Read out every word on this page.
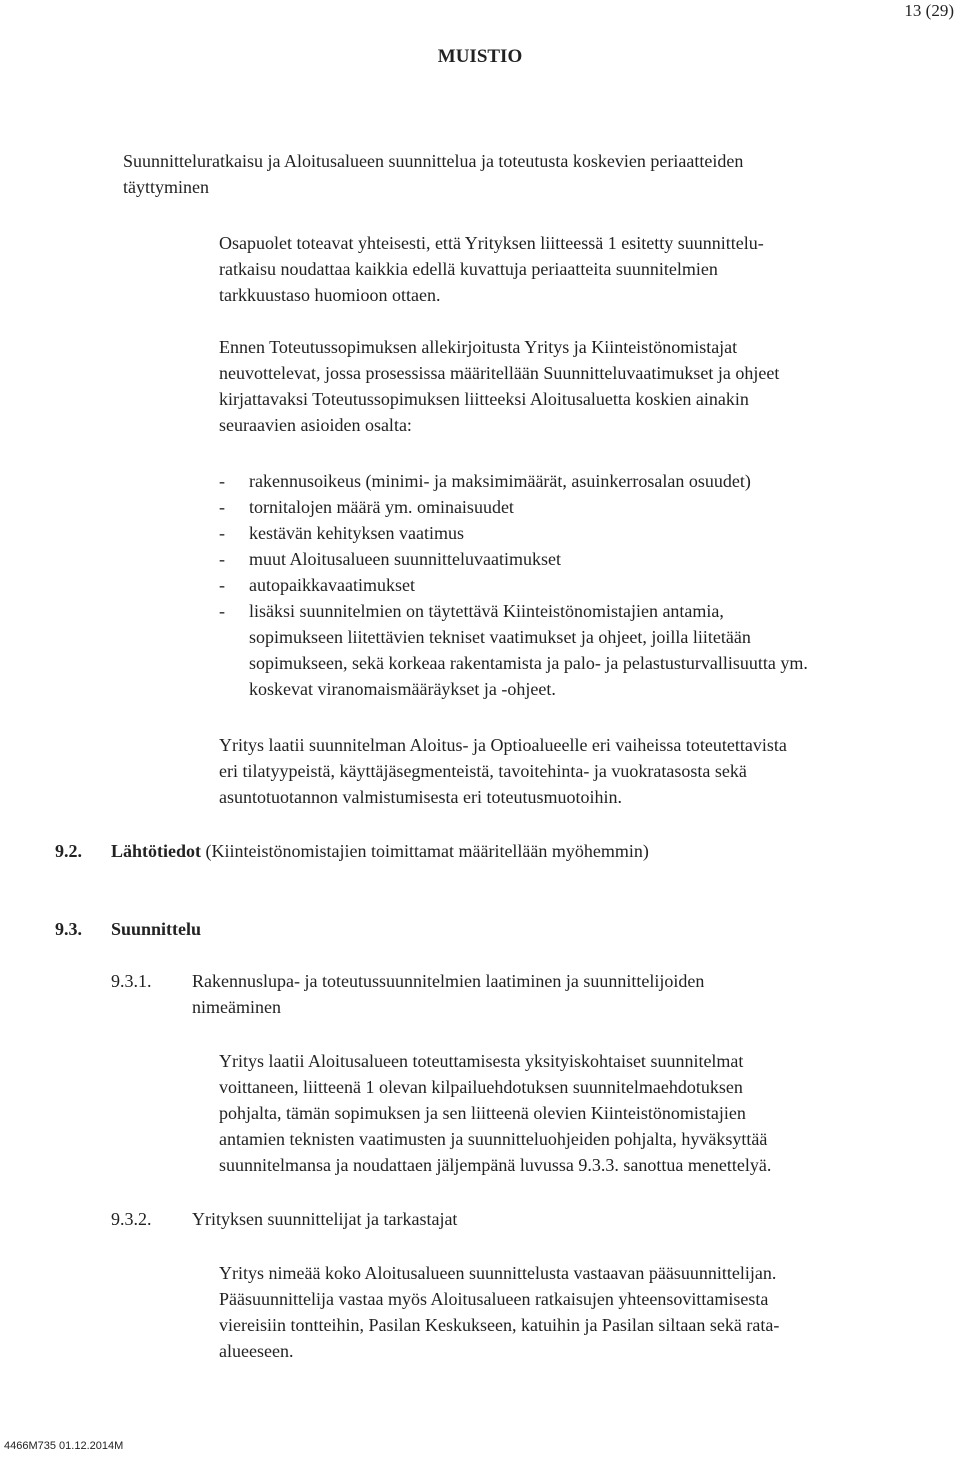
13 (29)
MUISTIO
Suunnitteluratkaisu ja Aloitusalueen suunnittelua ja toteutusta koskevien periaatteiden
täyttyminen
Osapuolet toteavat yhteisesti, että Yrityksen liitteessä 1 esitetty suunnittelu-
ratkaisu noudattaa kaikkia edellä kuvattuja periaatteita suunnitelmien
tarkkuustaso huomioon ottaen.
Ennen Toteutussopimuksen allekirjoitusta Yritys ja Kiinteistönomistajat
neuvottelevat, jossa prosessissa määritellään Suunnitteluvaatimukset ja ohjeet
kirjattavaksi Toteutussopimuksen liitteeksi Aloitusaluetta koskien ainakin
seuraavien asioiden osalta:
-	rakennusoikeus (minimi- ja maksimimäärät, asuinkerrosalan osuudet)
-	tornitalojen määrä ym. ominaisuudet
-	kestävän kehityksen vaatimus
-	muut Aloitusalueen suunnitteluvaatimukset
-	autopaikkavaatimukset
-	lisäksi suunnitelmien on täytettävä Kiinteistönomistajien antamia,
sopimukseen liitettävien tekniset vaatimukset ja ohjeet, joilla liitetään
sopimukseen, sekä korkeaa rakentamista ja palo- ja pelastusturvallisuutta ym.
koskevat viranomaismääräykset ja -ohjeet.
Yritys laatii suunnitelman Aloitus- ja Optioalueelle eri vaiheissa toteutettavista
eri tilatyypeistä, käyttäjäsegmenteistä, tavoitehinta- ja vuokratasosta sekä
asuntotuotannon valmistumisesta eri toteutusmuotoihin.
9.2. Lähtötiedot (Kiinteistönomistajien toimittamat määritellään myöhemmin)
9.3. Suunnittelu
9.3.1. Rakennuslupa- ja toteutussuunnitelmien laatiminen ja suunnittelijoiden
nimeäminen
Yritys laatii Aloitusalueen toteuttamisesta yksityiskohtaiset suunnitelmat
voittaneen, liitteenä 1 olevan kilpailuehdotuksen suunnitelmaehdotuksen
pohjalta, tämän sopimuksen ja sen liitteenä olevien Kiinteistönomistajien
antamien teknisten vaatimusten ja suunnitteluohjeiden pohjalta, hyväksyttää
suunnitelmansa ja noudattaen jäljempänä luvussa 9.3.3. sanottua menettelyä.
9.3.2. Yrityksen suunnittelijat ja tarkastajat
Yritys nimeää koko Aloitusalueen suunnittelusta vastaavan pääsuunnittelijan.
Pääsuunnittelija vastaa myös Aloitusalueen ratkaisujen yhteensovittamisesta
viereisiin tontteihin, Pasilan Keskukseen, katuihin ja Pasilan siltaan sekä rata-
alueeseen.
4466M735 01.12.2014M
